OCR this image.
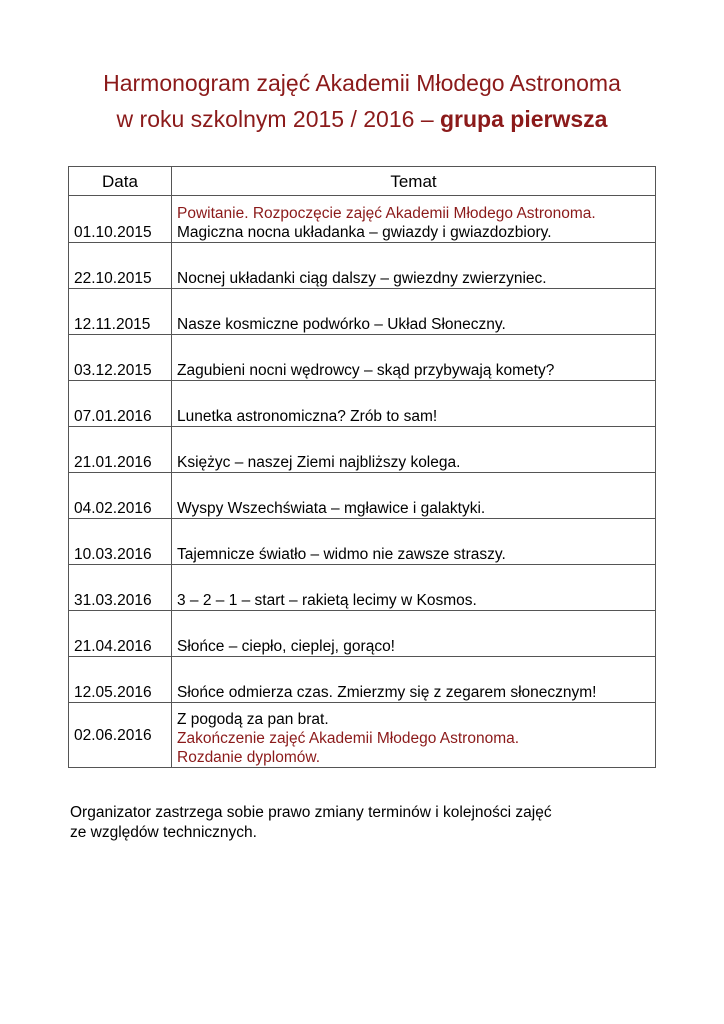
Harmonogram zajęć Akademii Młodego Astronoma
w roku szkolnym 2015 / 2016 – grupa pierwsza
Data	Temat
01.10.2015	Powitanie. Rozpoczęcie zajęć Akademii Młodego Astronoma.
Magiczna nocna układanka – gwiazdy i gwiazdozbiory.

22.10.2015	Nocnej układanki ciąg dalszy – gwiezdny zwierzyniec.

12.11.2015	Nasze kosmiczne podwórko – Układ Słoneczny.

03.12.2015	Zagubieni nocni wędrowcy – skąd przybywają komety?

07.01.2016	Lunetka astronomiczna? Zrób to sam!

21.01.2016	Księżyc – naszej Ziemi najbliższy kolega.

04.02.2016	Wyspy Wszechświata – mgławice i galaktyki.

10.03.2016	Tajemnicze światło – widmo nie zawsze straszy.

31.03.2016	3 – 2 – 1 – start – rakietą lecimy w Kosmos.

21.04.2016	Słońce – ciepło, cieplej, gorąco!

12.05.2016	Słońce odmierza czas. Zmierzmy się z zegarem słonecznym!

02.06.2016	Z pogodą za pan brat.
Zakończenie zajęć Akademii Młodego Astronoma.
Rozdanie dyplomów.
Organizator zastrzega sobie prawo zmiany terminów i kolejności zajęć
ze względów technicznych.
